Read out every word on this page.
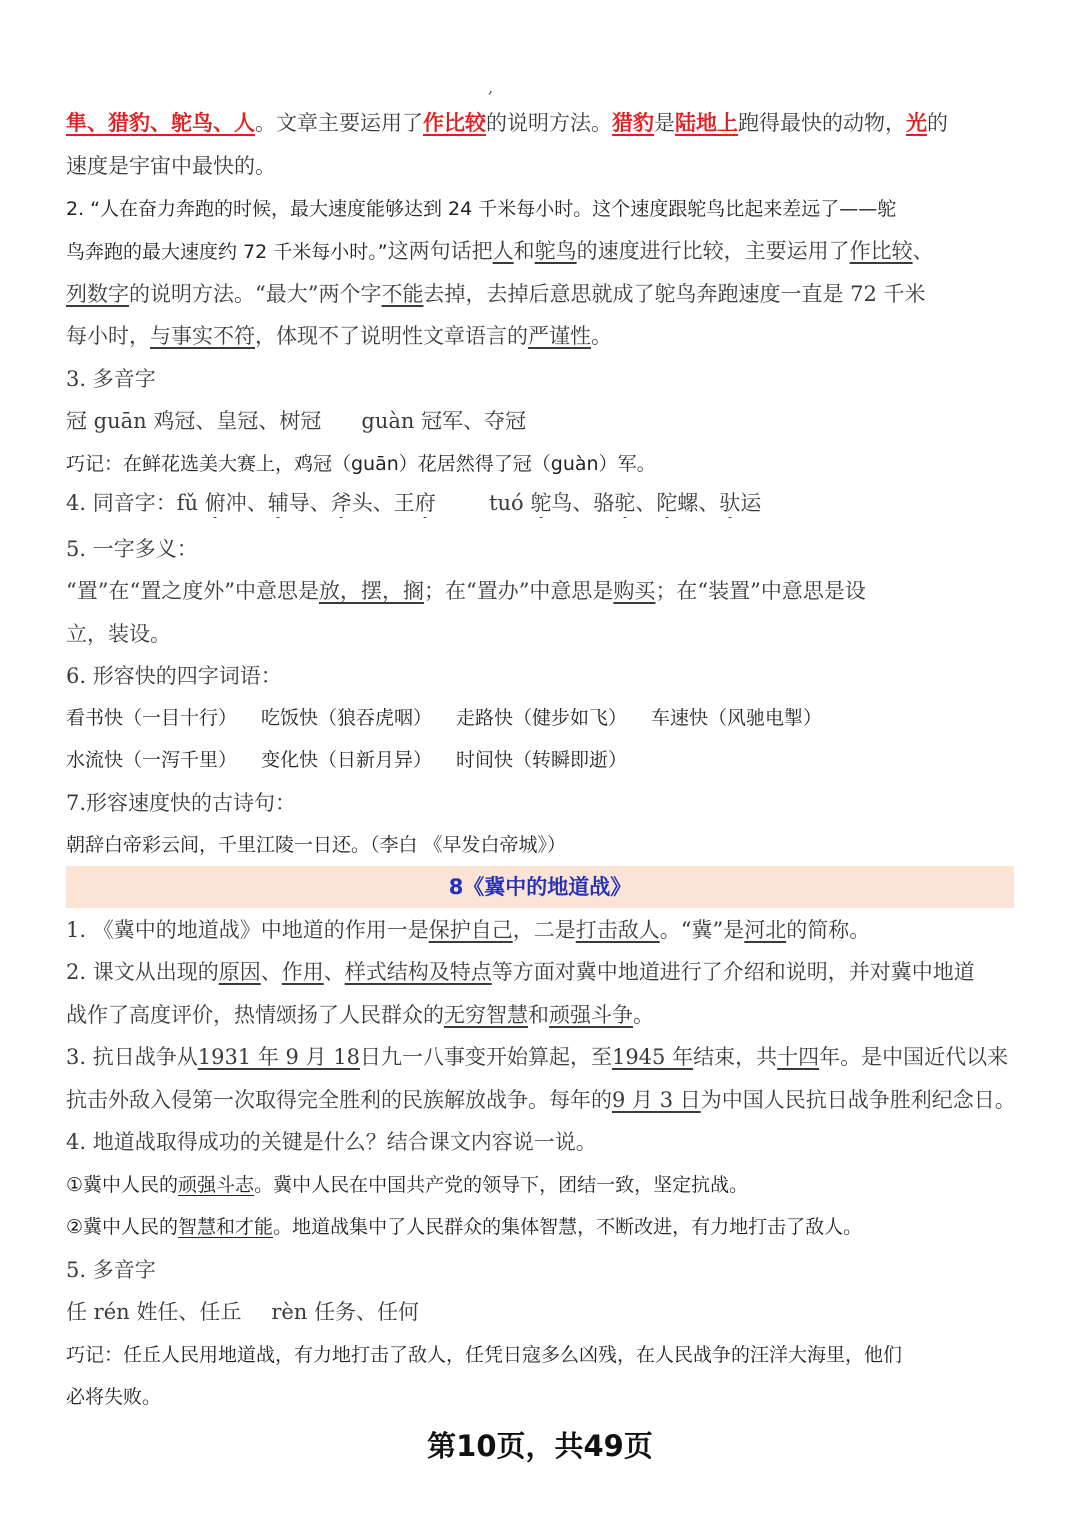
,
隼、猎豹、鸵鸟、人。文章主要运用了作比较的说明方法。猎豹是陆地上跑得最快的动物，光的
速度是宇宙中最快的。
2. “人在奋力奔跑的时候，最大速度能够达到 24 千米每小时。这个速度跟鸵鸟比起来差远了——鸵
鸟奔跑的最大速度约 72 千米每小时。”这两句话把人和鸵鸟的速度进行比较，主要运用了作比较、
列数字的说明方法。“最大”两个字不能去掉，去掉后意思就成了鸵鸟奔跑速度一直是 72 千米
每小时，与事实不符，体现不了说明性文章语言的严谨性。
3. 多音字
冠 guān 鸡冠、皇冠、树冠 guàn 冠军、夺冠
巧记：在鲜花选美大赛上，鸡冠（guān）花居然得了冠（guàn）军。
4. 同音字：fǔ 俯冲、辅导、斧头、王府	tuó 鸵鸟、骆驼、陀螺、驮运
5. 一字多义：
“置”在“置之度外”中意思是放，摆，搁；在“置办”中意思是购买；在“装置”中意思是设
立，装设。
6. 形容快的四字词语：
看书快（一目十行） 吃饭快（狼吞虎咽） 走路快（健步如飞） 车速快（风驰电掣）
水流快（一泻千里） 变化快（日新月异） 时间快（转瞬即逝）
7.形容速度快的古诗句：
朝辞白帝彩云间，千里江陵一日还。（李白 《早发白帝城》）
8《冀中的地道战》
1. 《冀中的地道战》中地道的作用一是保护自己，二是打击敌人。“冀”是河北的简称。
2. 课文从出现的原因、作用、样式结构及特点等方面对冀中地道进行了介绍和说明，并对冀中地道
战作了高度评价，热情颂扬了人民群众的无穷智慧和顽强斗争。
3. 抗日战争从1931 年 9 月 18日九一八事变开始算起，至1945 年结束，共十四年。是中国近代以来
抗击外敌入侵第一次取得完全胜利的民族解放战争。每年的9 月 3 日为中国人民抗日战争胜利纪念日。
4. 地道战取得成功的关键是什么？结合课文内容说一说。
①冀中人民的顽强斗志。冀中人民在中国共产党的领导下，团结一致，坚定抗战。
②冀中人民的智慧和才能。地道战集中了人民群众的集体智慧，不断改进，有力地打击了敌人。
5. 多音字
任 rén 姓任、任丘 rèn 任务、任何
巧记：任丘人民用地道战，有力地打击了敌人，任凭日寇多么凶残，在人民战争的汪洋大海里，他们
必将失败。
第10页，共49页
